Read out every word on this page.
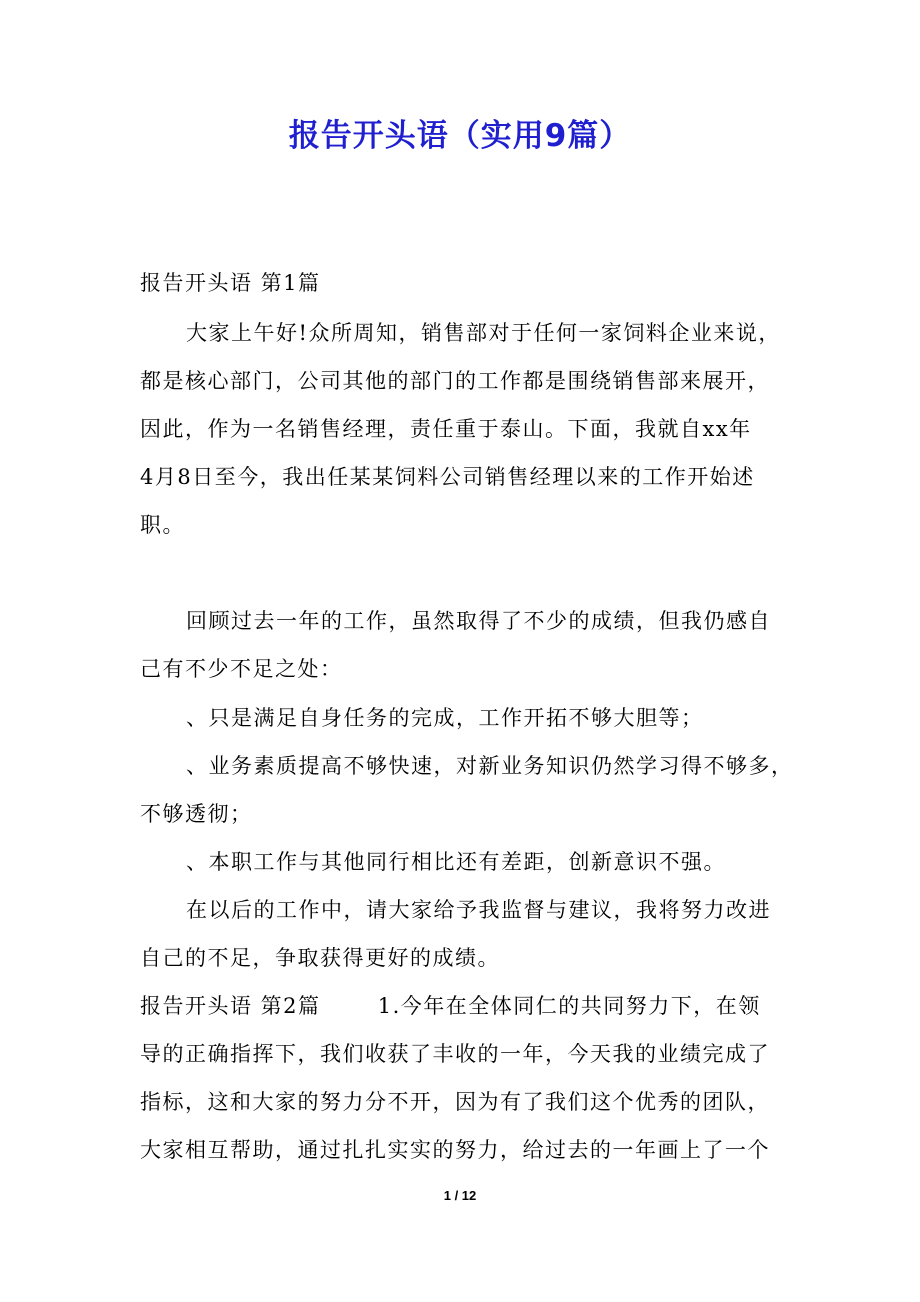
报告开头语（实用9篇）
报告开头语 第1篇
大家上午好!众所周知，销售部对于任何一家饲料企业来说，
都是核心部门，公司其他的部门的工作都是围绕销售部来展开，
因此，作为一名销售经理，责任重于泰山。下面，我就自xx年
4月8日至今，我出任某某饲料公司销售经理以来的工作开始述
职。
回顾过去一年的工作，虽然取得了不少的成绩，但我仍感自
己有不少不足之处：
、只是满足自身任务的完成，工作开拓不够大胆等；
、业务素质提高不够快速，对新业务知识仍然学习得不够多，
不够透彻；
、本职工作与其他同行相比还有差距，创新意识不强。
在以后的工作中，请大家给予我监督与建议，我将努力改进
自己的不足，争取获得更好的成绩。
报告开头语 第2篇       1.今年在全体同仁的共同努力下，在领
导的正确指挥下，我们收获了丰收的一年，今天我的业绩完成了
指标，这和大家的努力分不开，因为有了我们这个优秀的团队，
大家相互帮助，通过扎扎实实的努力，给过去的一年画上了一个
1 / 12
